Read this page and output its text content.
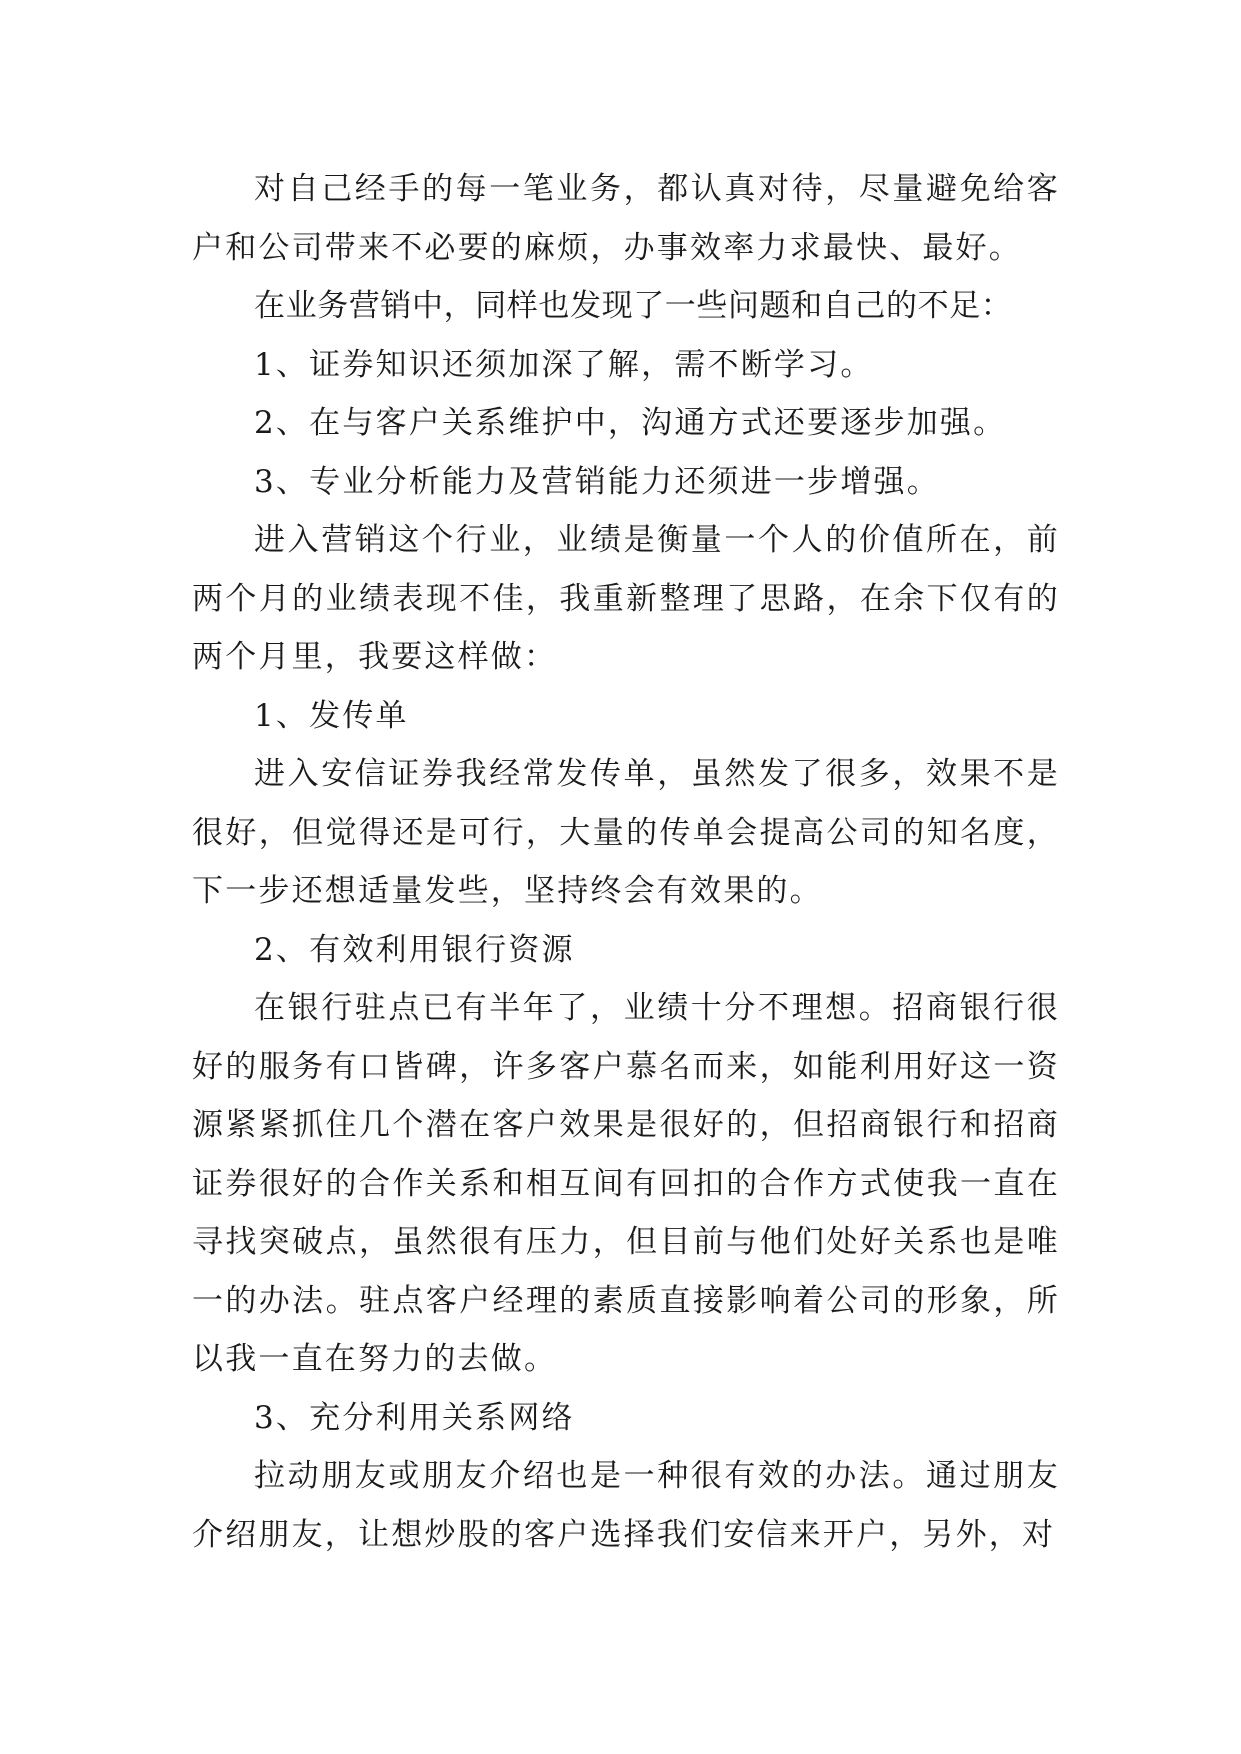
对自己经手的每一笔业务，都认真对待，尽量避免给客户和公司带来不必要的麻烦，办事效率力求最快、最好。

在业务营销中，同样也发现了一些问题和自己的不足：

1、证券知识还须加深了解，需不断学习。

2、在与客户关系维护中，沟通方式还要逐步加强。

3、专业分析能力及营销能力还须进一步增强。

进入营销这个行业，业绩是衡量一个人的价值所在，前两个月的业绩表现不佳，我重新整理了思路，在余下仅有的两个月里，我要这样做：

1、发传单

进入安信证券我经常发传单，虽然发了很多，效果不是很好，但觉得还是可行，大量的传单会提高公司的知名度，下一步还想适量发些，坚持终会有效果的。

2、有效利用银行资源

在银行驻点已有半年了，业绩十分不理想。招商银行很好的服务有口皆碑，许多客户慕名而来，如能利用好这一资源紧紧抓住几个潜在客户效果是很好的，但招商银行和招商证券很好的合作关系和相互间有回扣的合作方式使我一直在寻找突破点，虽然很有压力，但目前与他们处好关系也是唯一的办法。驻点客户经理的素质直接影响着公司的形象，所以我一直在努力的去做。

3、充分利用关系网络

拉动朋友或朋友介绍也是一种很有效的办法。通过朋友介绍朋友，让想炒股的客户选择我们安信来开户，另外，对
